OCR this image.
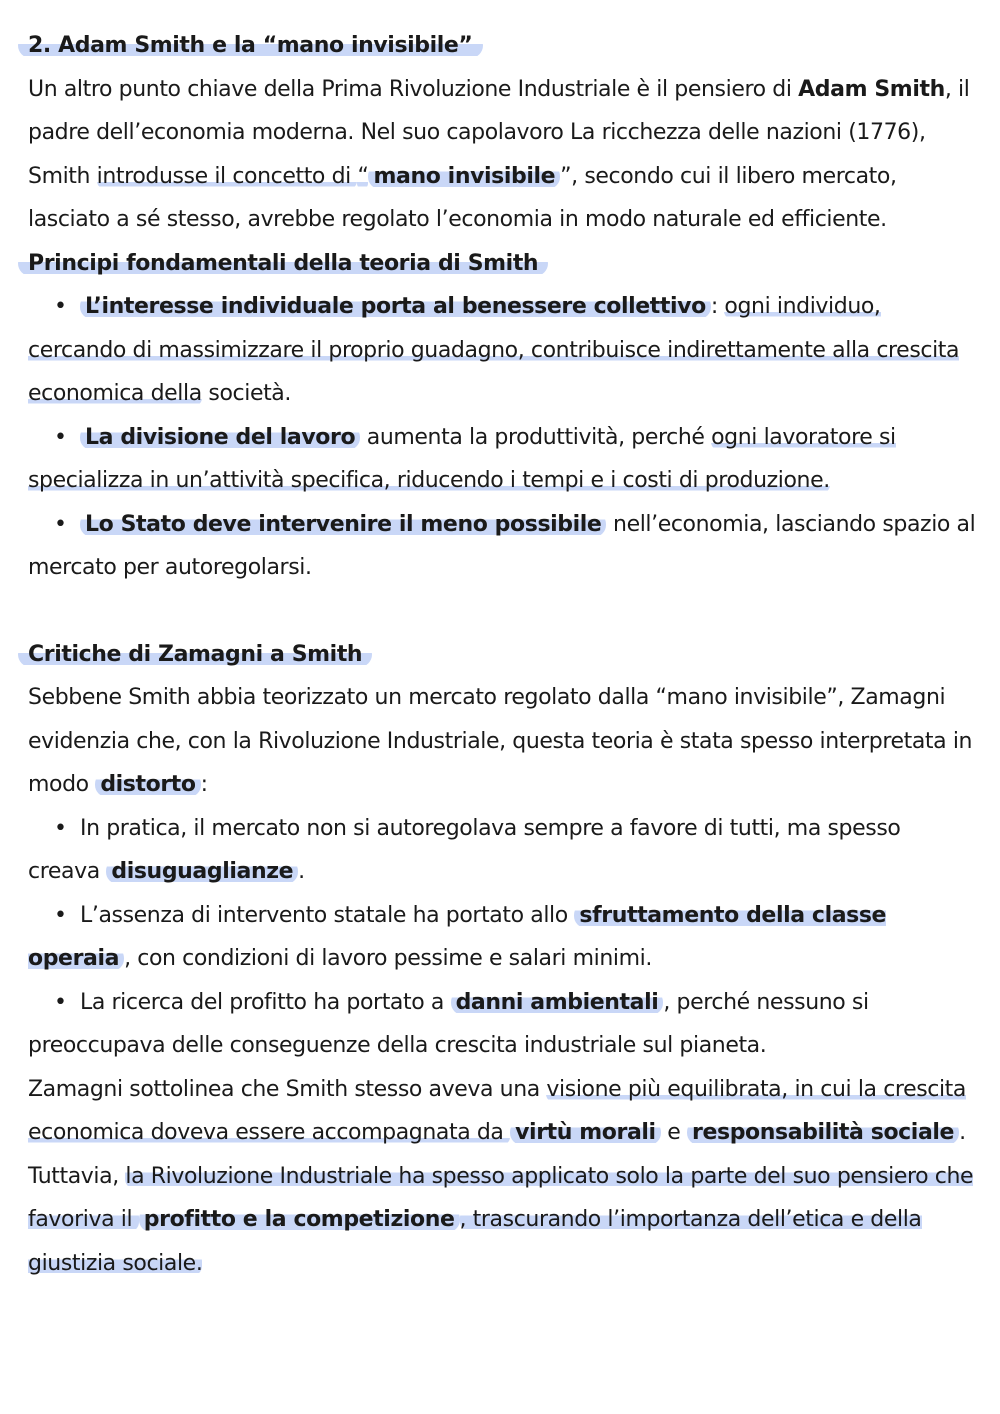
2. Adam Smith e la “mano invisibile”

Un altro punto chiave della Prima Rivoluzione Industriale è il pensiero di Adam Smith, il padre dell’economia moderna. Nel suo capolavoro La ricchezza delle nazioni (1776), Smith introdusse il concetto di “ mano invisibile ”, secondo cui il libero mercato, lasciato a sé stesso, avrebbe regolato l’economia in modo naturale ed efficiente.

Principi fondamentali della teoria di Smith

• L’interesse individuale porta al benessere collettivo : ogni individuo, cercando di massimizzare il proprio guadagno, contribuisce indirettamente alla crescita economica della società.

• La divisione del lavoro aumenta la produttività, perché ogni lavoratore si specializza in un’attività specifica, riducendo i tempi e i costi di produzione.

• Lo Stato deve intervenire il meno possibile nell’economia, lasciando spazio al mercato per autoregolarsi.

Critiche di Zamagni a Smith

Sebbene Smith abbia teorizzato un mercato regolato dalla “mano invisibile”, Zamagni evidenzia che, con la Rivoluzione Industriale, questa teoria è stata spesso interpretata in modo distorto :

• In pratica, il mercato non si autoregolava sempre a favore di tutti, ma spesso creava disuguaglianze .

• L’assenza di intervento statale ha portato allo sfruttamento della classe operaia , con condizioni di lavoro pessime e salari minimi.

• La ricerca del profitto ha portato a danni ambientali , perché nessuno si preoccupava delle conseguenze della crescita industriale sul pianeta.

Zamagni sottolinea che Smith stesso aveva una visione più equilibrata, in cui la crescita economica doveva essere accompagnata da virtù morali e responsabilità sociale . Tuttavia, la Rivoluzione Industriale ha spesso applicato solo la parte del suo pensiero che favoriva il profitto e la competizione , trascurando l’importanza dell’etica e della giustizia sociale.
